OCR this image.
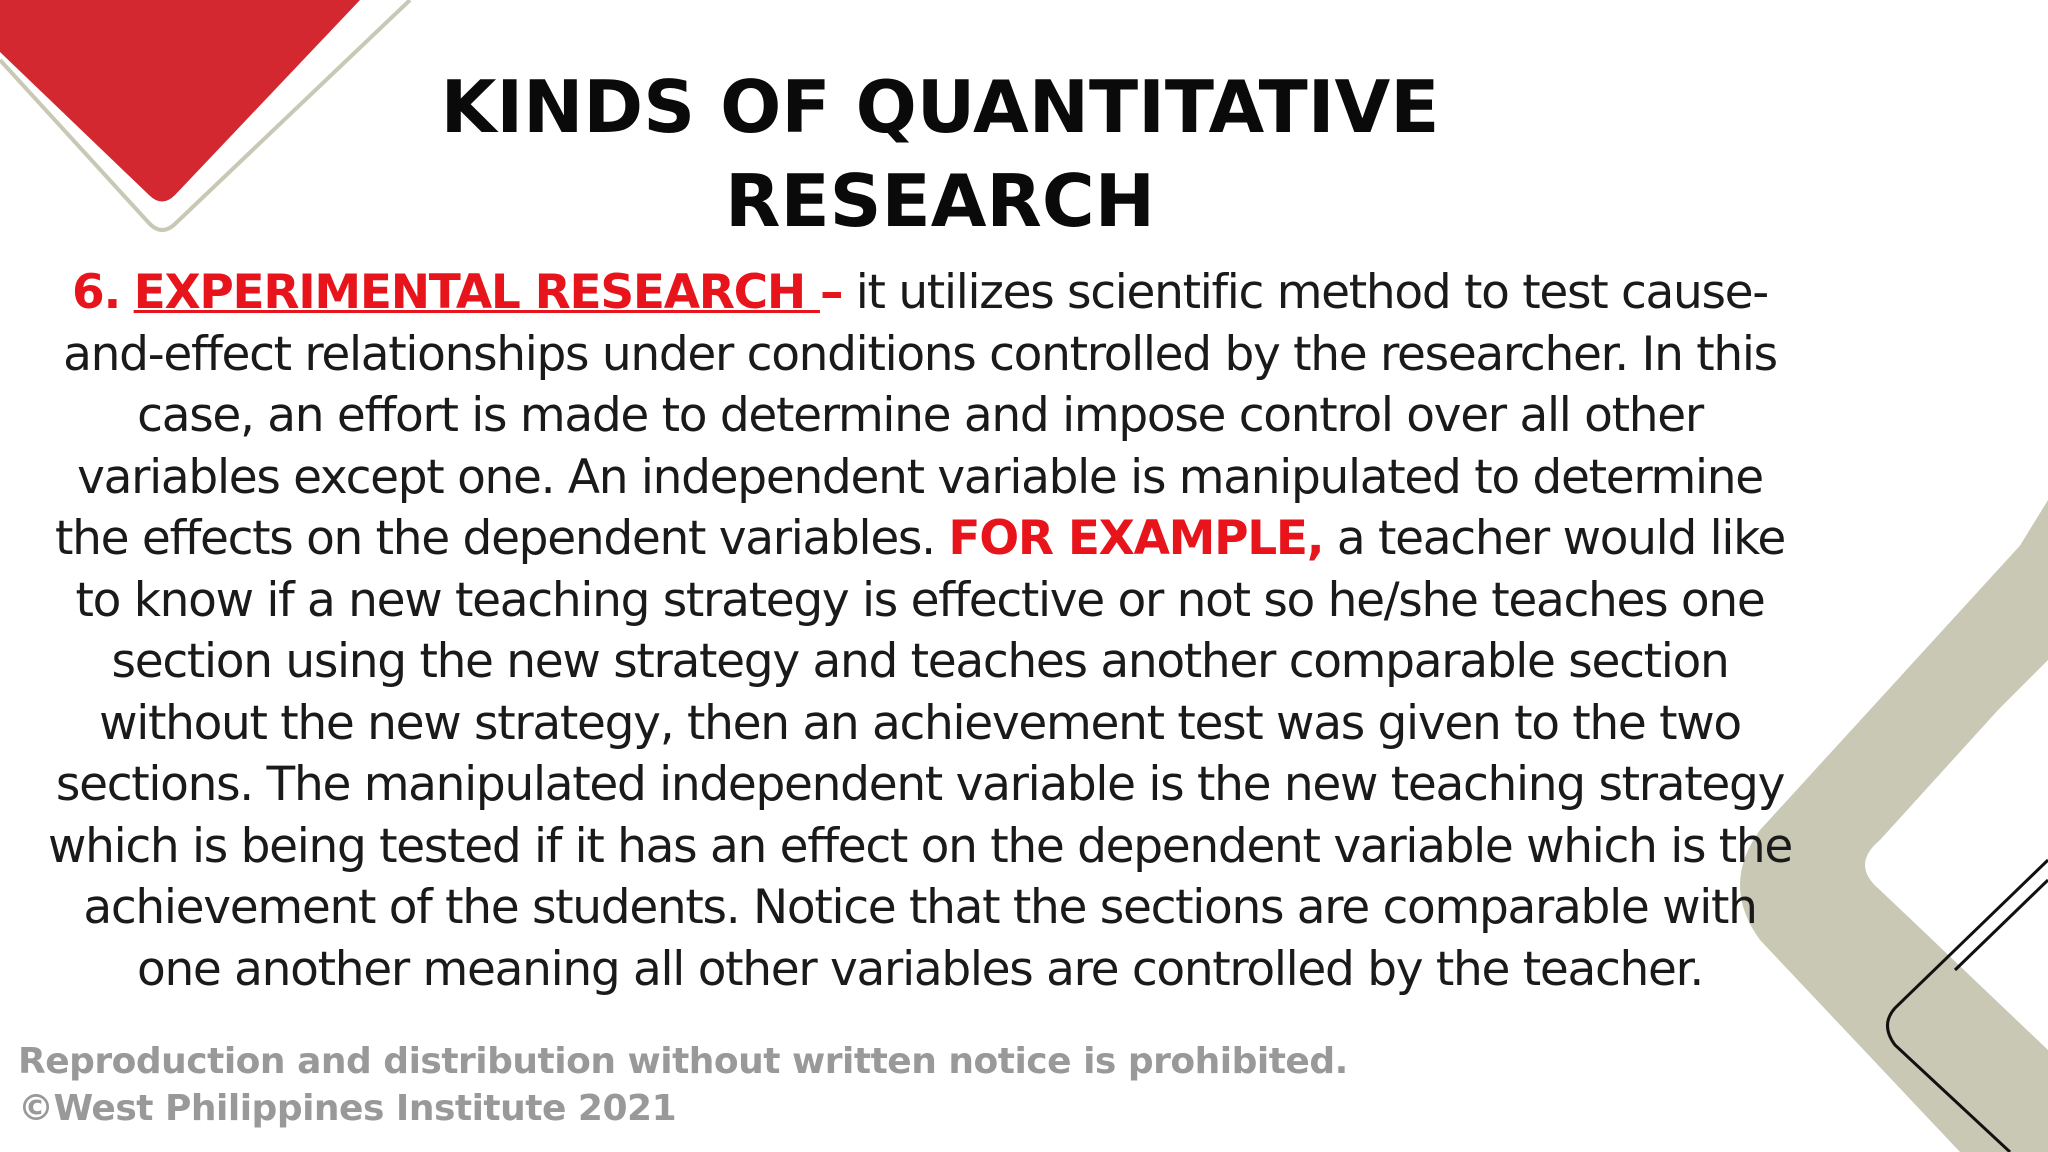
KINDS OF QUANTITATIVE
RESEARCH

6. EXPERIMENTAL RESEARCH – it utilizes scientific method to test cause-and-effect relationships under conditions controlled by the researcher. In this case, an effort is made to determine and impose control over all other variables except one. An independent variable is manipulated to determine the effects on the dependent variables. FOR EXAMPLE, a teacher would like to know if a new teaching strategy is effective or not so he/she teaches one section using the new strategy and teaches another comparable section without the new strategy, then an achievement test was given to the two sections. The manipulated independent variable is the new teaching strategy which is being tested if it has an effect on the dependent variable which is the achievement of the students. Notice that the sections are comparable with one another meaning all other variables are controlled by the teacher.

Reproduction and distribution without written notice is prohibited.
©West Philippines Institute 2021
